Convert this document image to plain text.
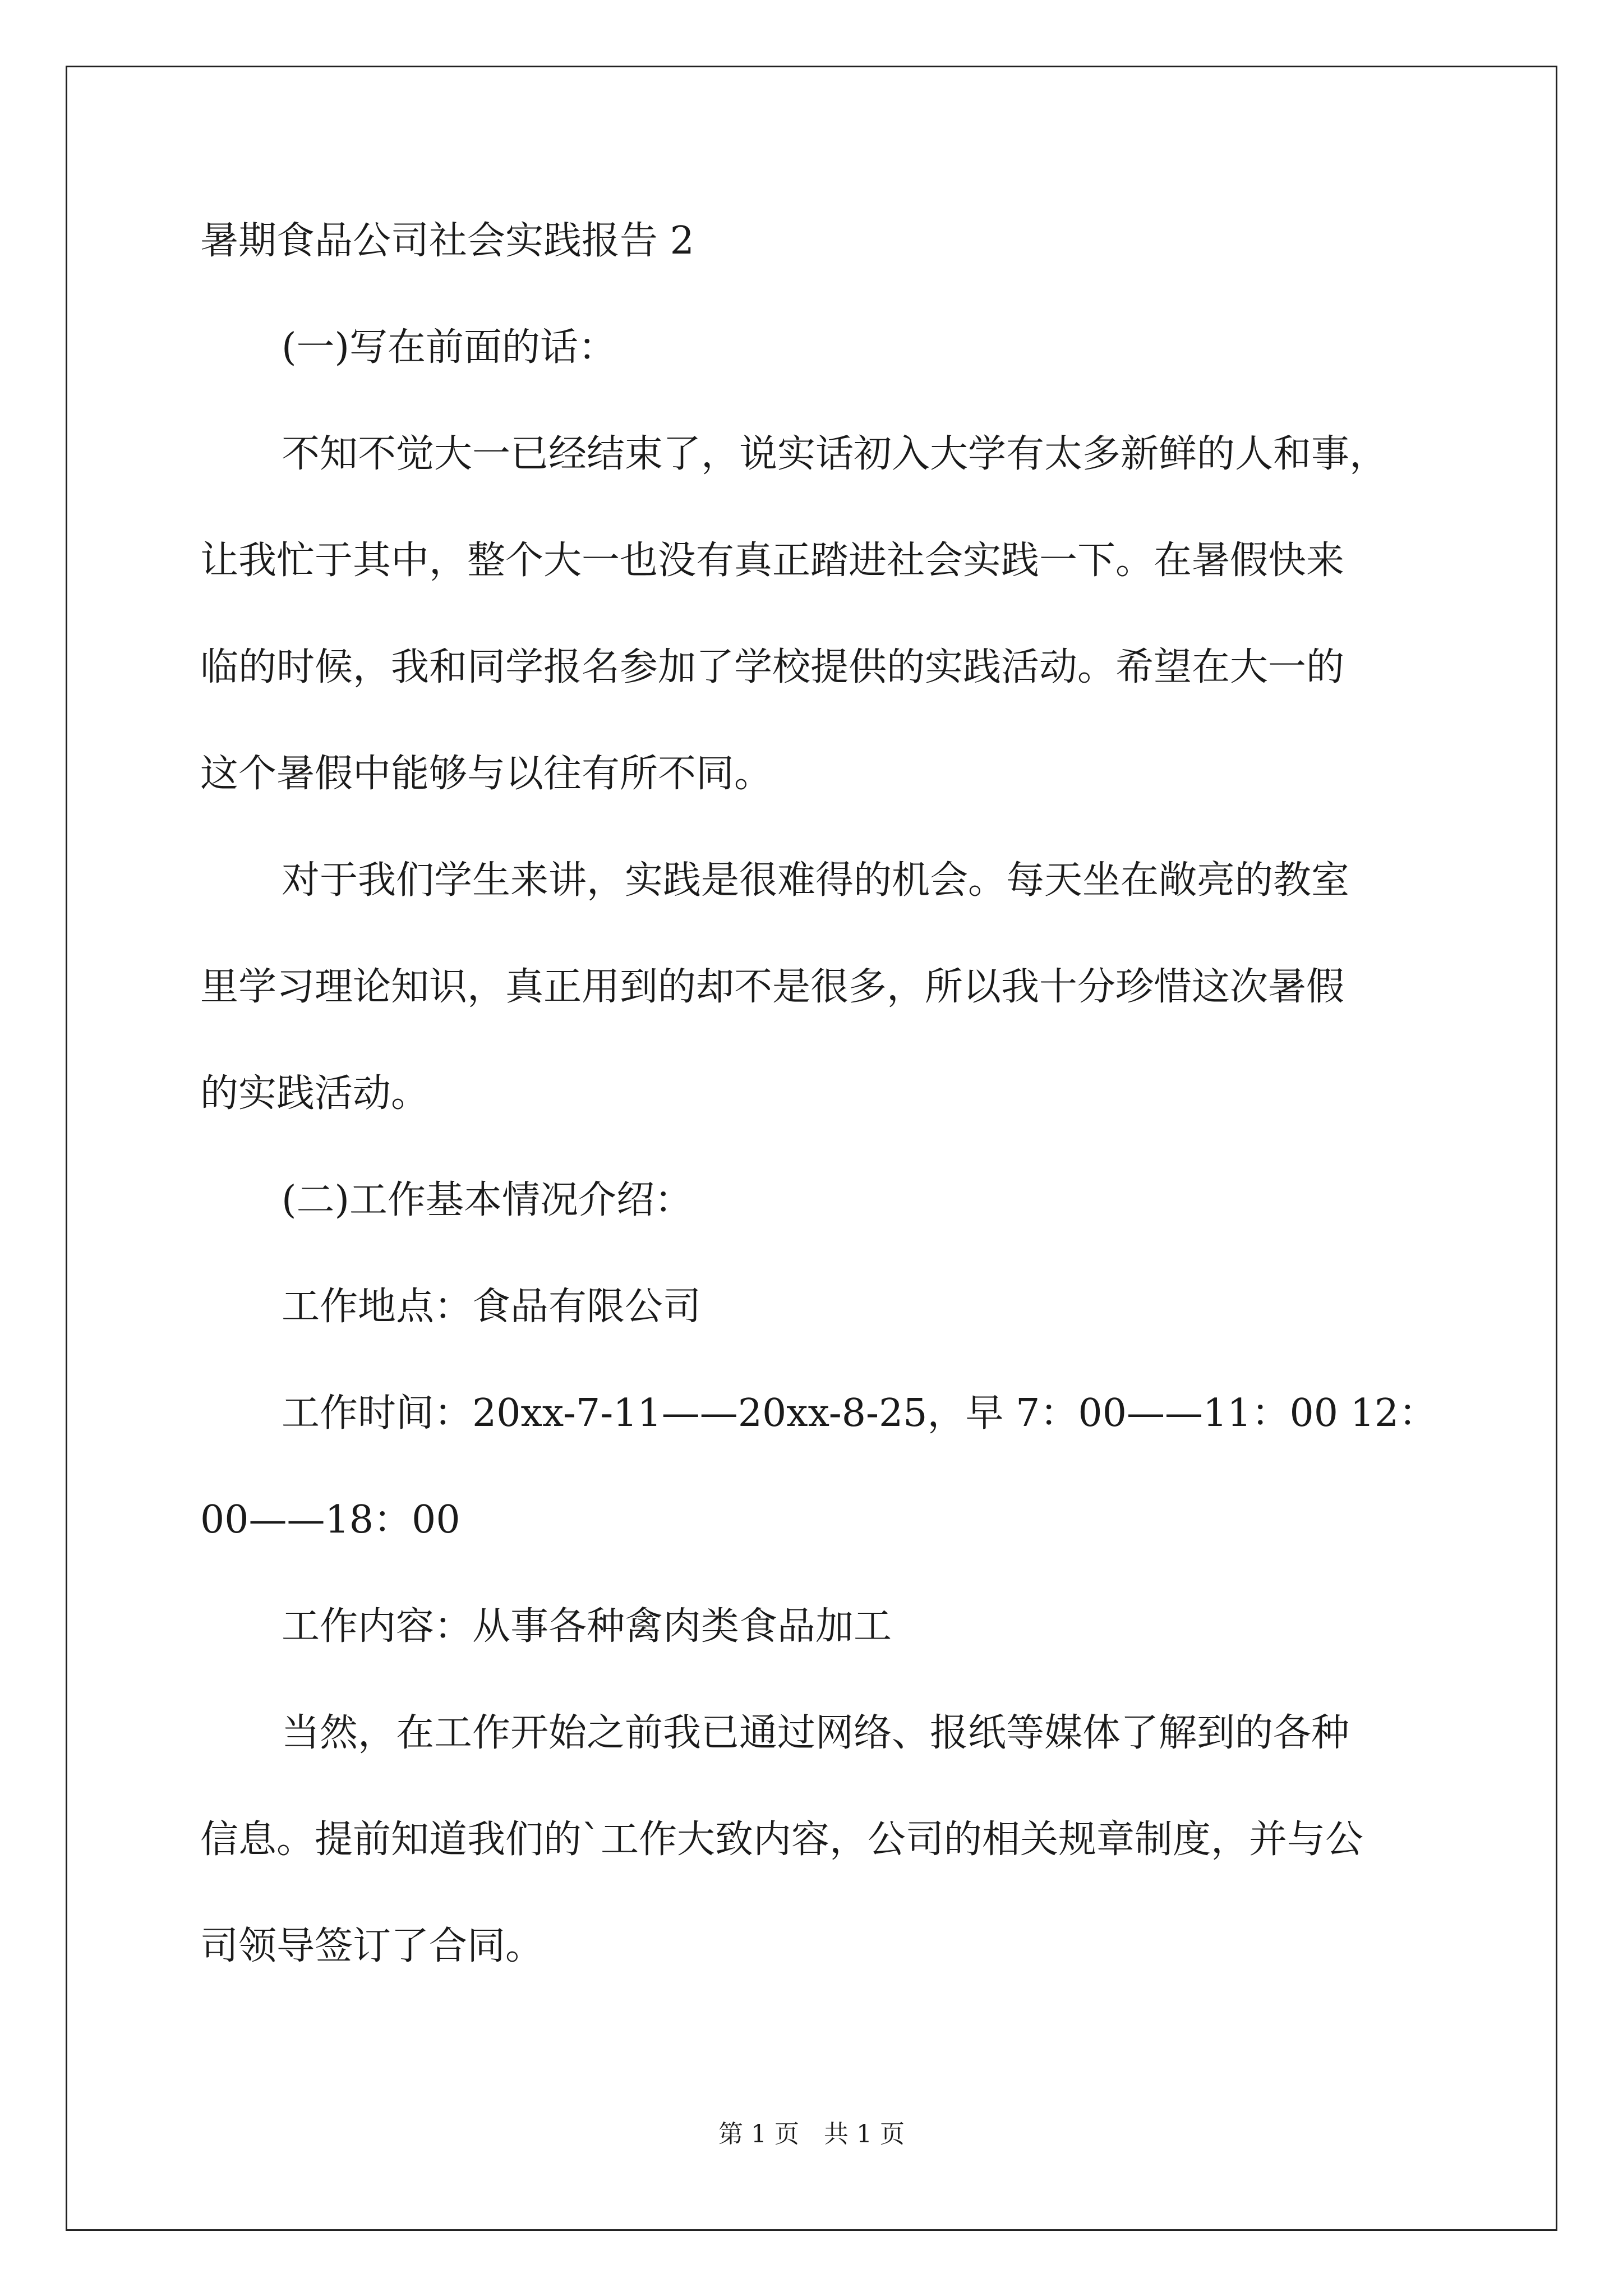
暑期食品公司社会实践报告 2
(一)写在前面的话：
不知不觉大一已经结束了，说实话初入大学有太多新鲜的人和事，
让我忙于其中，整个大一也没有真正踏进社会实践一下。在暑假快来
临的时候，我和同学报名参加了学校提供的实践活动。希望在大一的
这个暑假中能够与以往有所不同。
对于我们学生来讲，实践是很难得的机会。每天坐在敞亮的教室
里学习理论知识，真正用到的却不是很多，所以我十分珍惜这次暑假
的实践活动。
(二)工作基本情况介绍：
工作地点：食品有限公司
工作时间：20xx-7-11——20xx-8-25，早 7：00——11：00 12：
00——18：00
工作内容：从事各种禽肉类食品加工
当然，在工作开始之前我已通过网络、报纸等媒体了解到的各种
信息。提前知道我们的`工作大致内容，公司的相关规章制度，并与公
司领导签订了合同。
第 1 页　共 1 页
